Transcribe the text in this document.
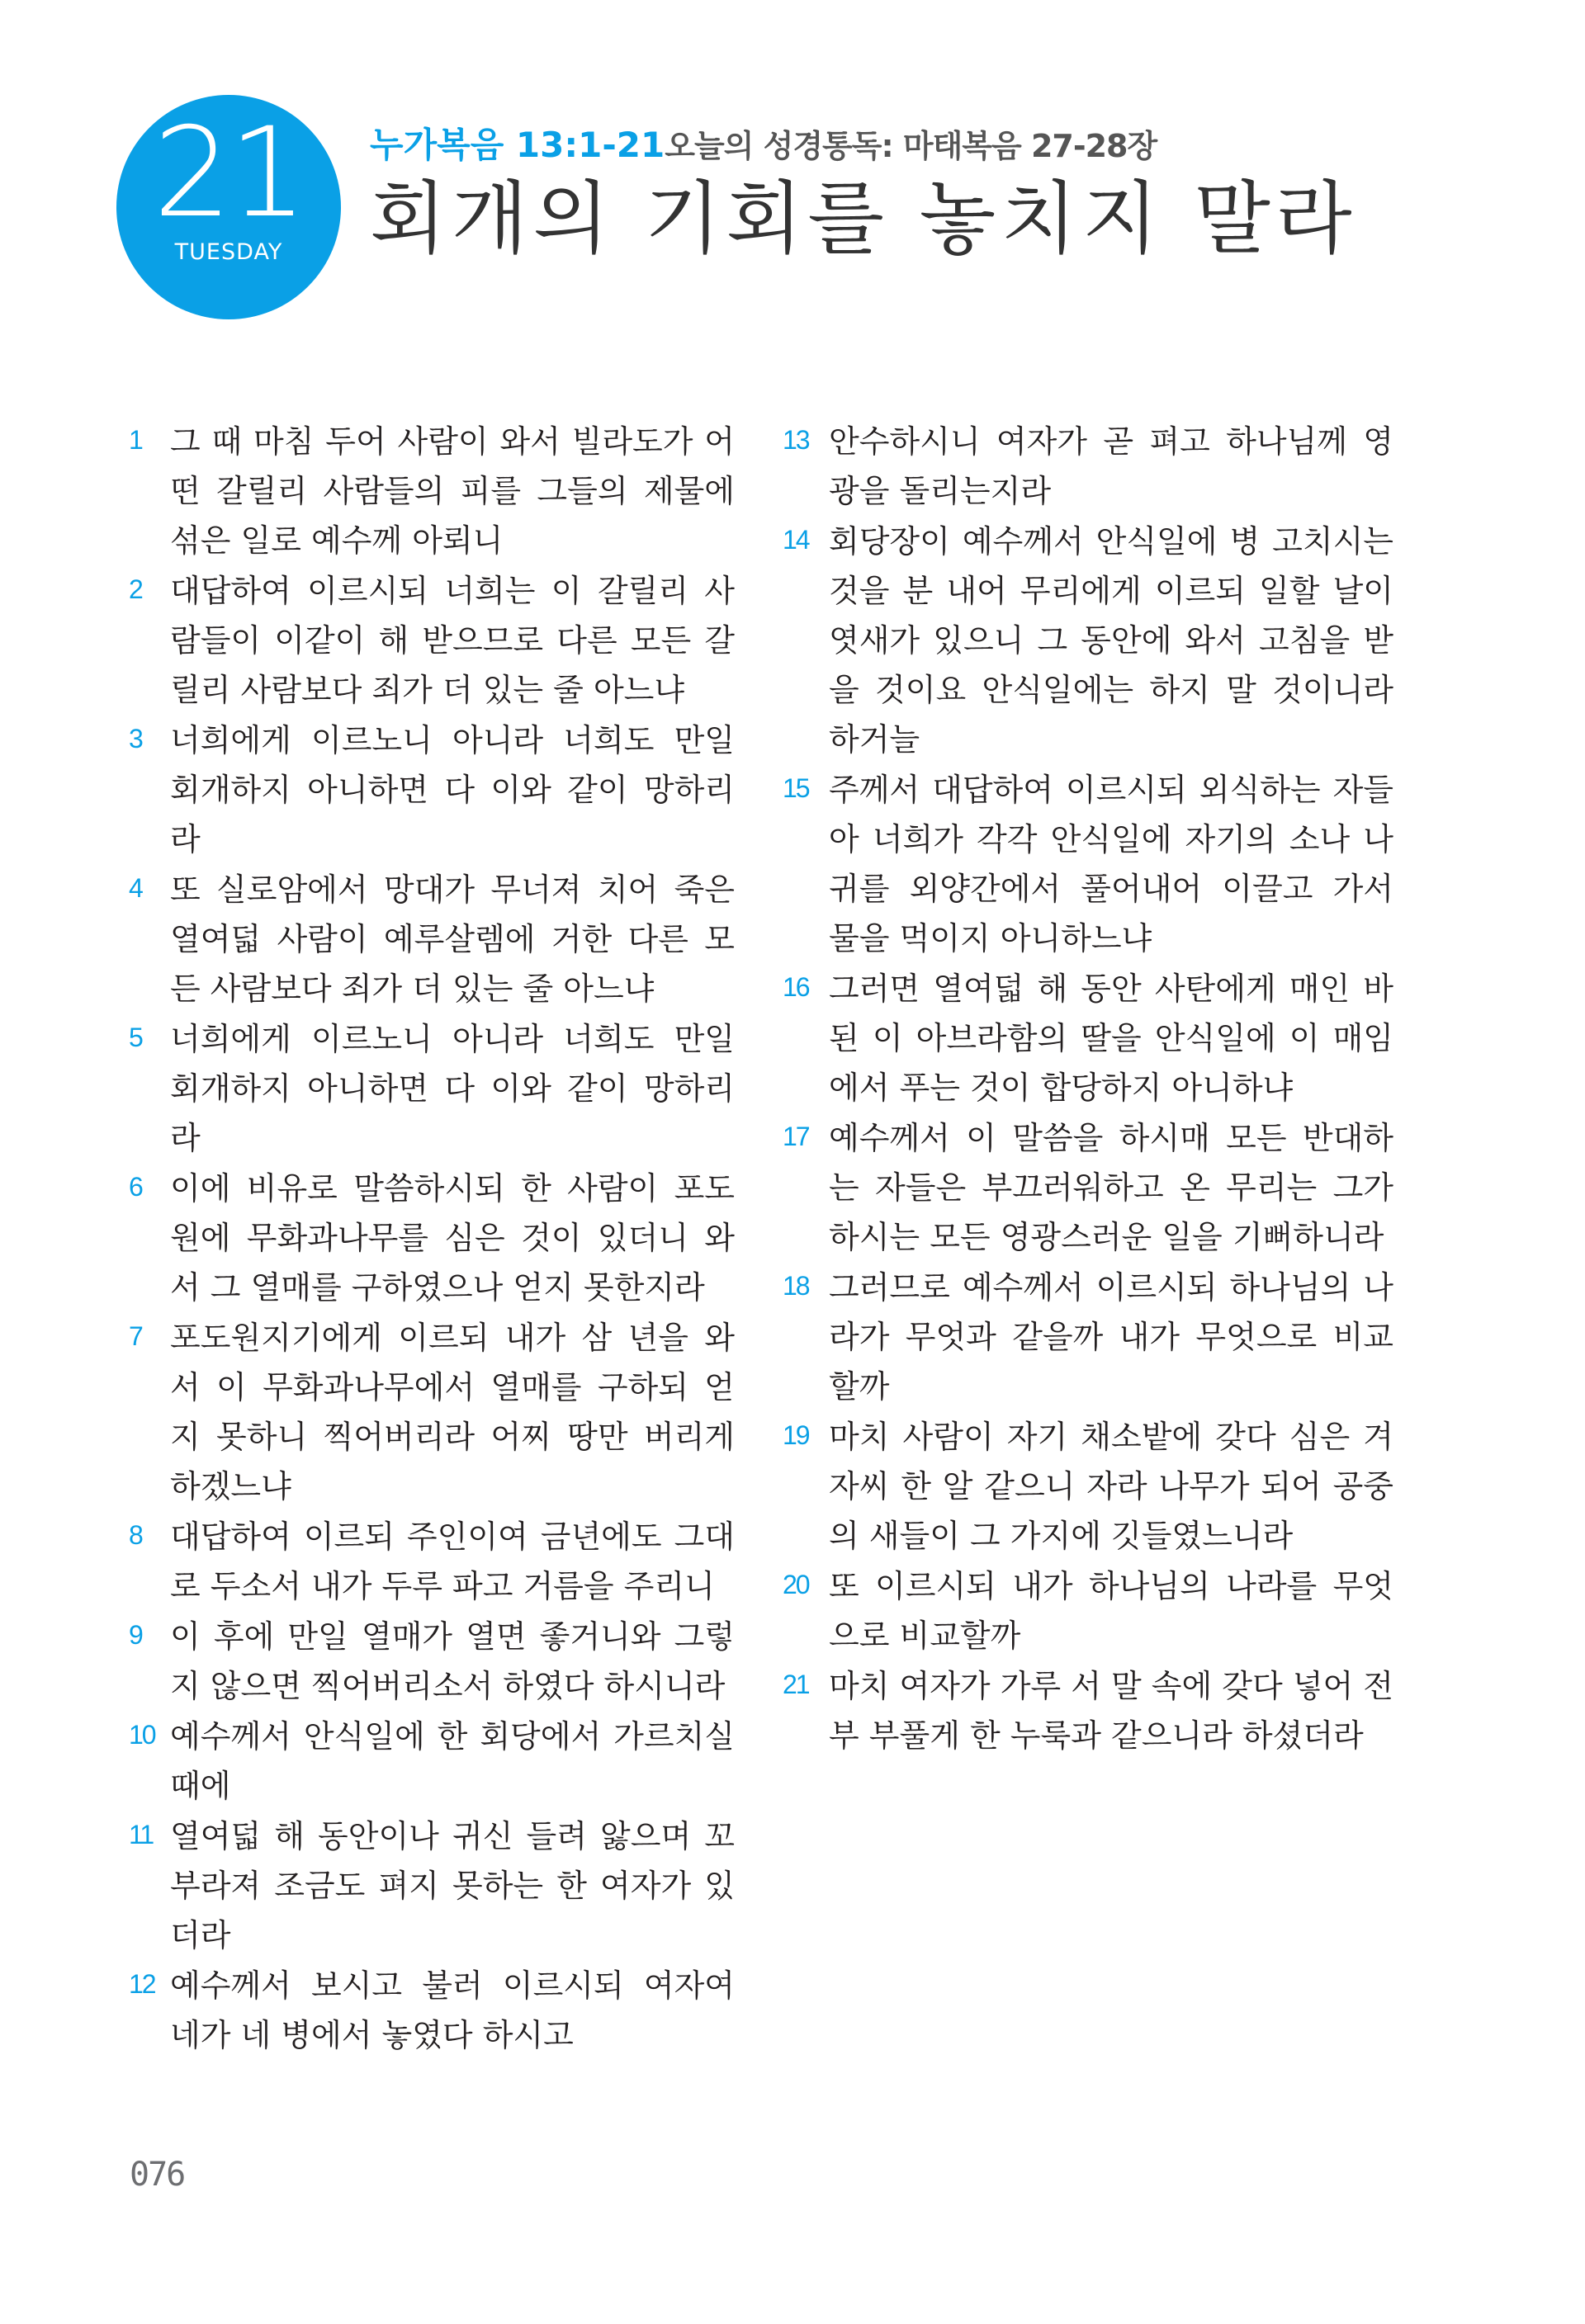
21
TUESDAY
누가복음 13:1-21오늘의 성경통독: 마태복음 27-28장
회개의 기회를 놓치지 말라
1 그 때 마침 두어 사람이 와서 빌라도가 어떤 갈릴리 사람들의 피를 그들의 제물에 섞은 일로 예수께 아뢰니
2 대답하여 이르시되 너희는 이 갈릴리 사람들이 이같이 해 받으므로 다른 모든 갈릴리 사람보다 죄가 더 있는 줄 아느냐
3 너희에게 이르노니 아니라 너희도 만일 회개하지 아니하면 다 이와 같이 망하리라
4 또 실로암에서 망대가 무너져 치어 죽은 열여덟 사람이 예루살렘에 거한 다른 모든 사람보다 죄가 더 있는 줄 아느냐
5 너희에게 이르노니 아니라 너희도 만일 회개하지 아니하면 다 이와 같이 망하리라
6 이에 비유로 말씀하시되 한 사람이 포도원에 무화과나무를 심은 것이 있더니 와서 그 열매를 구하였으나 얻지 못한지라
7 포도원지기에게 이르되 내가 삼 년을 와서 이 무화과나무에서 열매를 구하되 얻지 못하니 찍어버리라 어찌 땅만 버리게 하겠느냐
8 대답하여 이르되 주인이여 금년에도 그대로 두소서 내가 두루 파고 거름을 주리니
9 이 후에 만일 열매가 열면 좋거니와 그렇지 않으면 찍어버리소서 하였다 하시니라
10 예수께서 안식일에 한 회당에서 가르치실 때에
11 열여덟 해 동안이나 귀신 들려 앓으며 꼬부라져 조금도 펴지 못하는 한 여자가 있더라
12 예수께서 보시고 불러 이르시되 여자여 네가 네 병에서 놓였다 하시고
13 안수하시니 여자가 곧 펴고 하나님께 영광을 돌리는지라
14 회당장이 예수께서 안식일에 병 고치시는 것을 분 내어 무리에게 이르되 일할 날이 엿새가 있으니 그 동안에 와서 고침을 받을 것이요 안식일에는 하지 말 것이니라 하거늘
15 주께서 대답하여 이르시되 외식하는 자들아 너희가 각각 안식일에 자기의 소나 나귀를 외양간에서 풀어내어 이끌고 가서 물을 먹이지 아니하느냐
16 그러면 열여덟 해 동안 사탄에게 매인 바 된 이 아브라함의 딸을 안식일에 이 매임에서 푸는 것이 합당하지 아니하냐
17 예수께서 이 말씀을 하시매 모든 반대하는 자들은 부끄러워하고 온 무리는 그가 하시는 모든 영광스러운 일을 기뻐하니라
18 그러므로 예수께서 이르시되 하나님의 나라가 무엇과 같을까 내가 무엇으로 비교할까
19 마치 사람이 자기 채소밭에 갖다 심은 겨자씨 한 알 같으니 자라 나무가 되어 공중의 새들이 그 가지에 깃들였느니라
20 또 이르시되 내가 하나님의 나라를 무엇으로 비교할까
21 마치 여자가 가루 서 말 속에 갖다 넣어 전부 부풀게 한 누룩과 같으니라 하셨더라
076
